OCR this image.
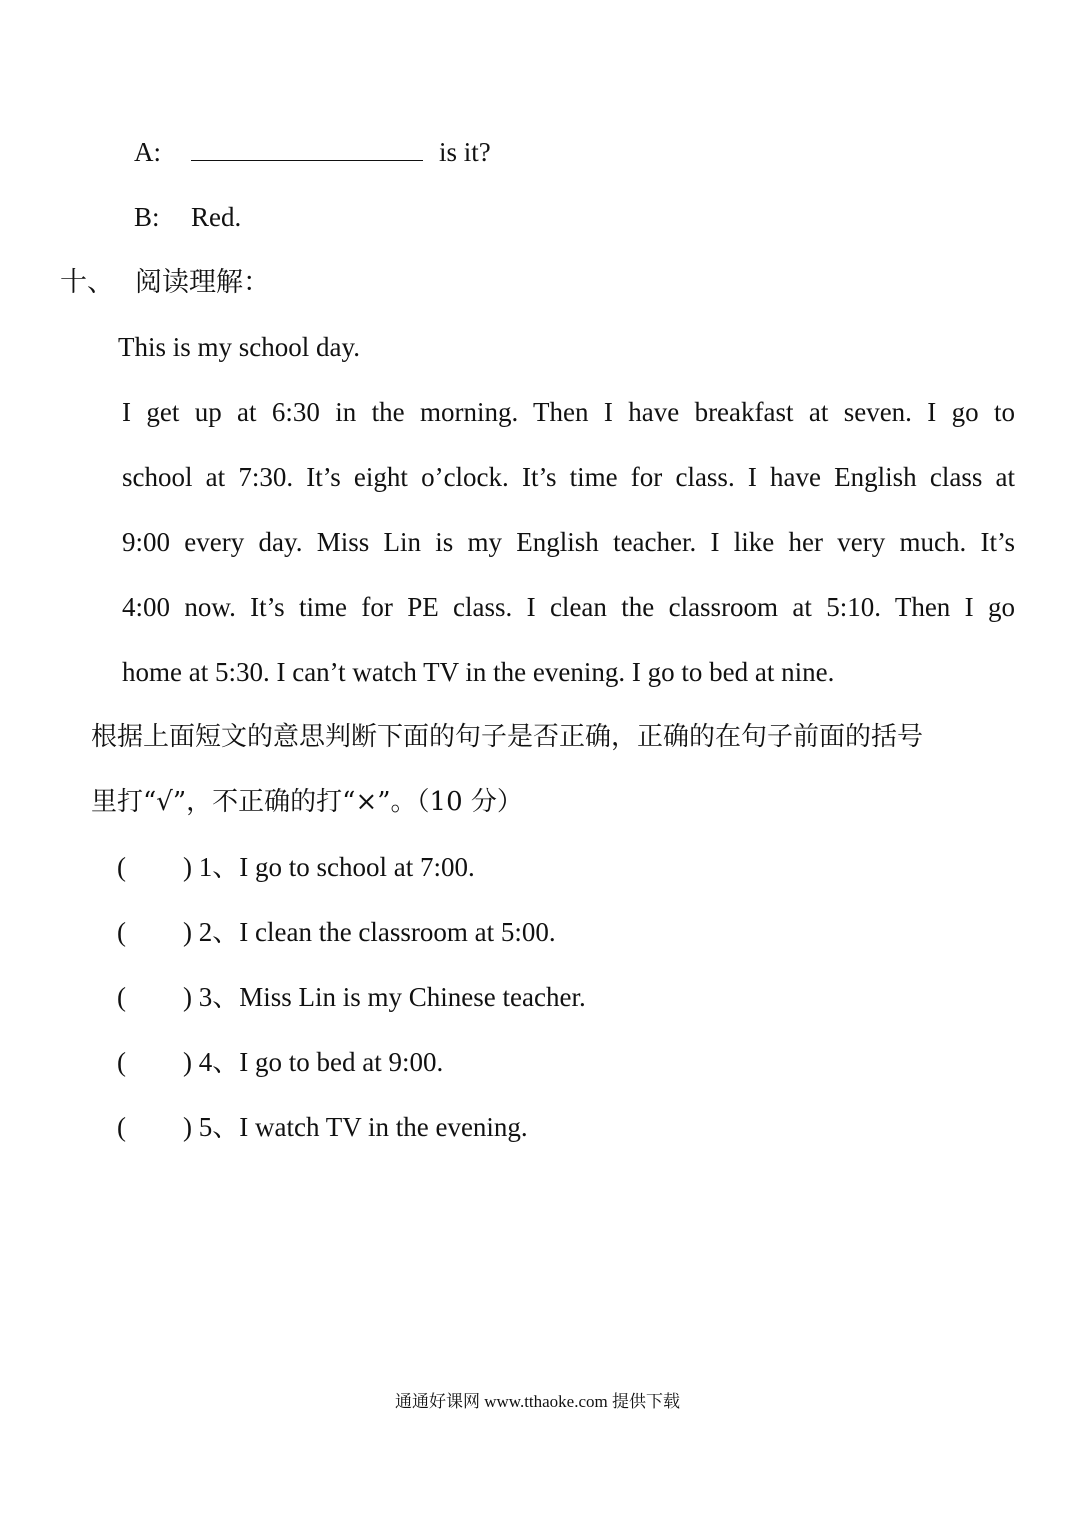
A:	is it?
B: Red.
十、 阅读理解：
This is my school day.
I get up at 6:30 in the morning. Then I have breakfast at seven. I go to
school at 7:30. It’s eight o’clock. It’s time for class. I have English class at
9:00 every day. Miss Lin is my English teacher. I like her very much. It’s
4:00 now. It’s time for PE class. I clean the classroom at 5:10. Then I go
home at 5:30. I can’t watch TV in the evening. I go to bed at nine.
根据上面短文的意思判断下面的句子是否正确，正确的在句子前面的括号
里打“√”，不正确的打“×”。（10 分）
( ) 1、I go to school at 7:00.
( ) 2、I clean the classroom at 5:00.
( ) 3、Miss Lin is my Chinese teacher.
( ) 4、I go to bed at 9:00.
( ) 5、I watch TV in the evening.
通通好课网 www.tthaoke.com 提供下载
